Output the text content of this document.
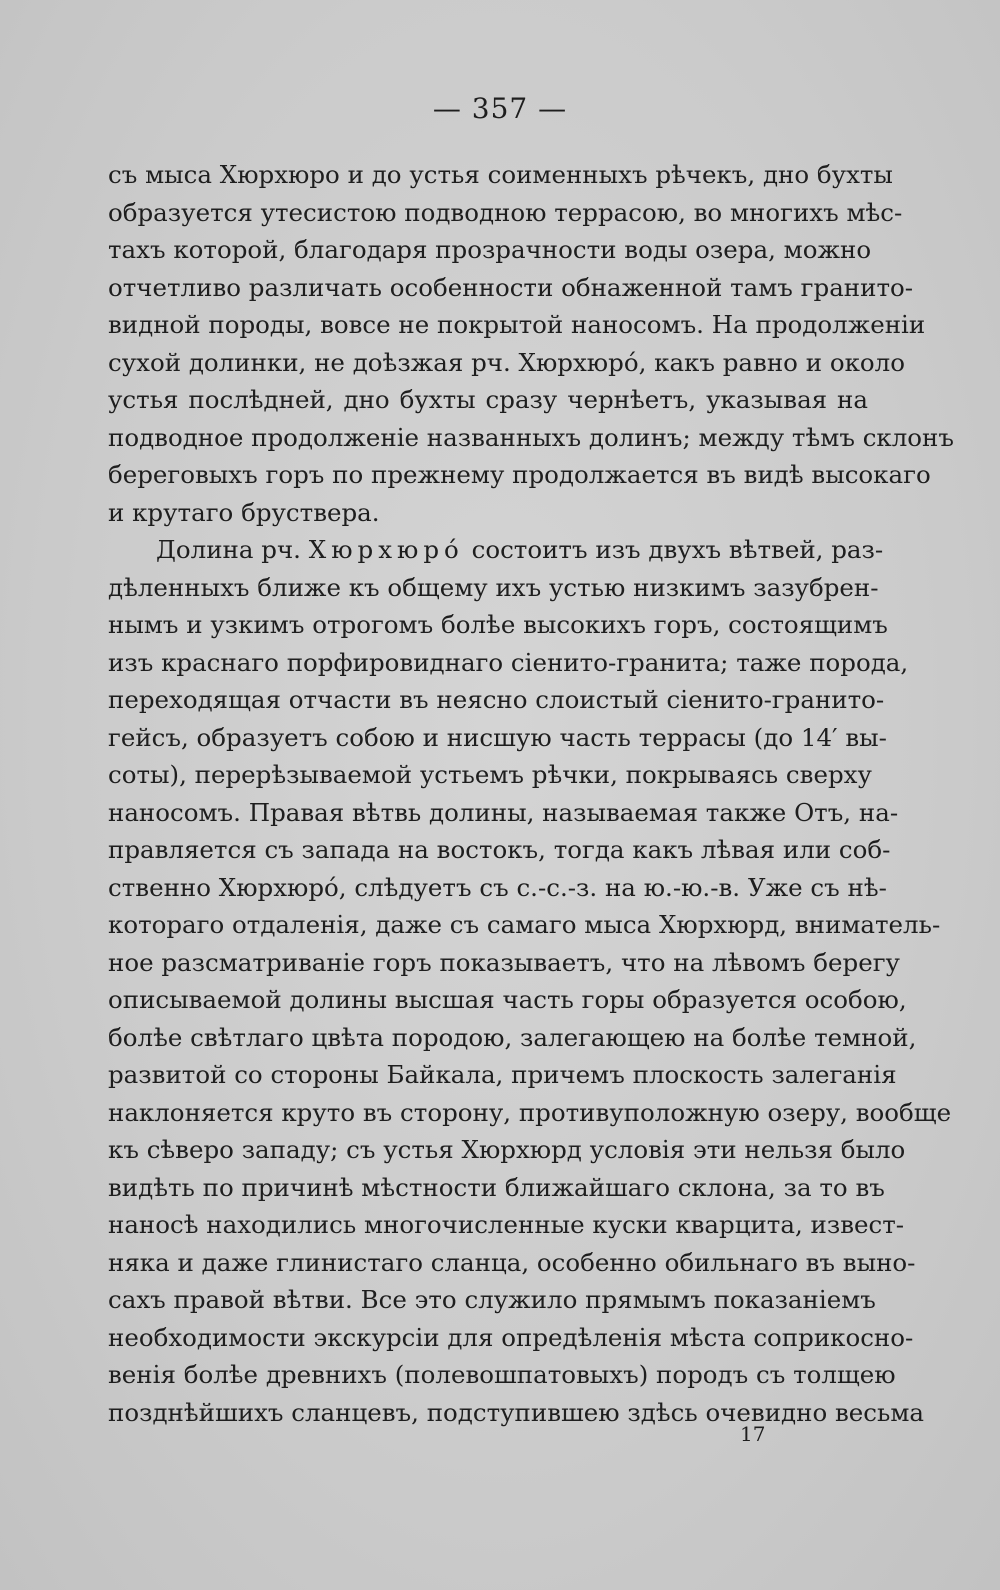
— 357 —
съ мыса Хюрхюро и до устья соименныхъ рѣчекъ, дно бухты
образуется утесистою подводною террасою, во многихъ мѣс-
тахъ которой, благодаря прозрачности воды озера, можно
отчетливо различать особенности обнаженной тамъ гранито-
видной породы, вовсе не покрытой наносомъ. На продолженіи
сухой долинки, не доѣзжая рч. Хюрхюро́, какъ равно и около
устья послѣдней, дно бухты сразу чернѣетъ, указывая на
подводное продолженіе названныхъ долинъ; между тѣмъ склонъ
береговыхъ горъ по прежнему продолжается въ видѣ высокаго
и крутаго бруствера.
Долина рч. Хюрхюро́ состоитъ изъ двухъ вѣтвей, раз-
дѣленныхъ ближе къ общему ихъ устью низкимъ зазубрен-
нымъ и узкимъ отрогомъ болѣе высокихъ горъ, состоящимъ
изъ краснаго порфировиднаго сіенито-гранита; таже порода,
переходящая отчасти въ неясно слоистый сіенито-гранито-
гейсъ, образуетъ собою и нисшую часть террасы (до 14′ вы-
соты), перерѣзываемой устьемъ рѣчки, покрываясь сверху
наносомъ. Правая вѣтвь долины, называемая также Отъ, на-
правляется съ запада на востокъ, тогда какъ лѣвая или соб-
ственно Хюрхюро́, слѣдуетъ съ с.-с.-з. на ю.-ю.-в. Уже съ нѣ-
котораго отдаленія, даже съ самаго мыса Хюрхюрд, вниматель-
ное разсматриваніе горъ показываетъ, что на лѣвомъ берегу
описываемой долины высшая часть горы образуется особою,
болѣе свѣтлаго цвѣта породою, залегающею на болѣе темной,
развитой со стороны Байкала, причемъ плоскость залеганія
наклоняется круто въ сторону, противуположную озеру, вообще
къ сѣверо западу; съ устья Хюрхюрд условія эти нельзя было
видѣть по причинѣ мѣстности ближайшаго склона, за то въ
наносѣ находились многочисленные куски кварцита, извест-
няка и даже глинистаго сланца, особенно обильнаго въ выно-
сахъ правой вѣтви. Все это служило прямымъ показаніемъ
необходимости экскурсіи для опредѣленія мѣста соприкосно-
венія болѣе древнихъ (полевошпатовыхъ) породъ съ толщею
позднѣйшихъ сланцевъ, подступившею здѣсь очевидно весьма
17
